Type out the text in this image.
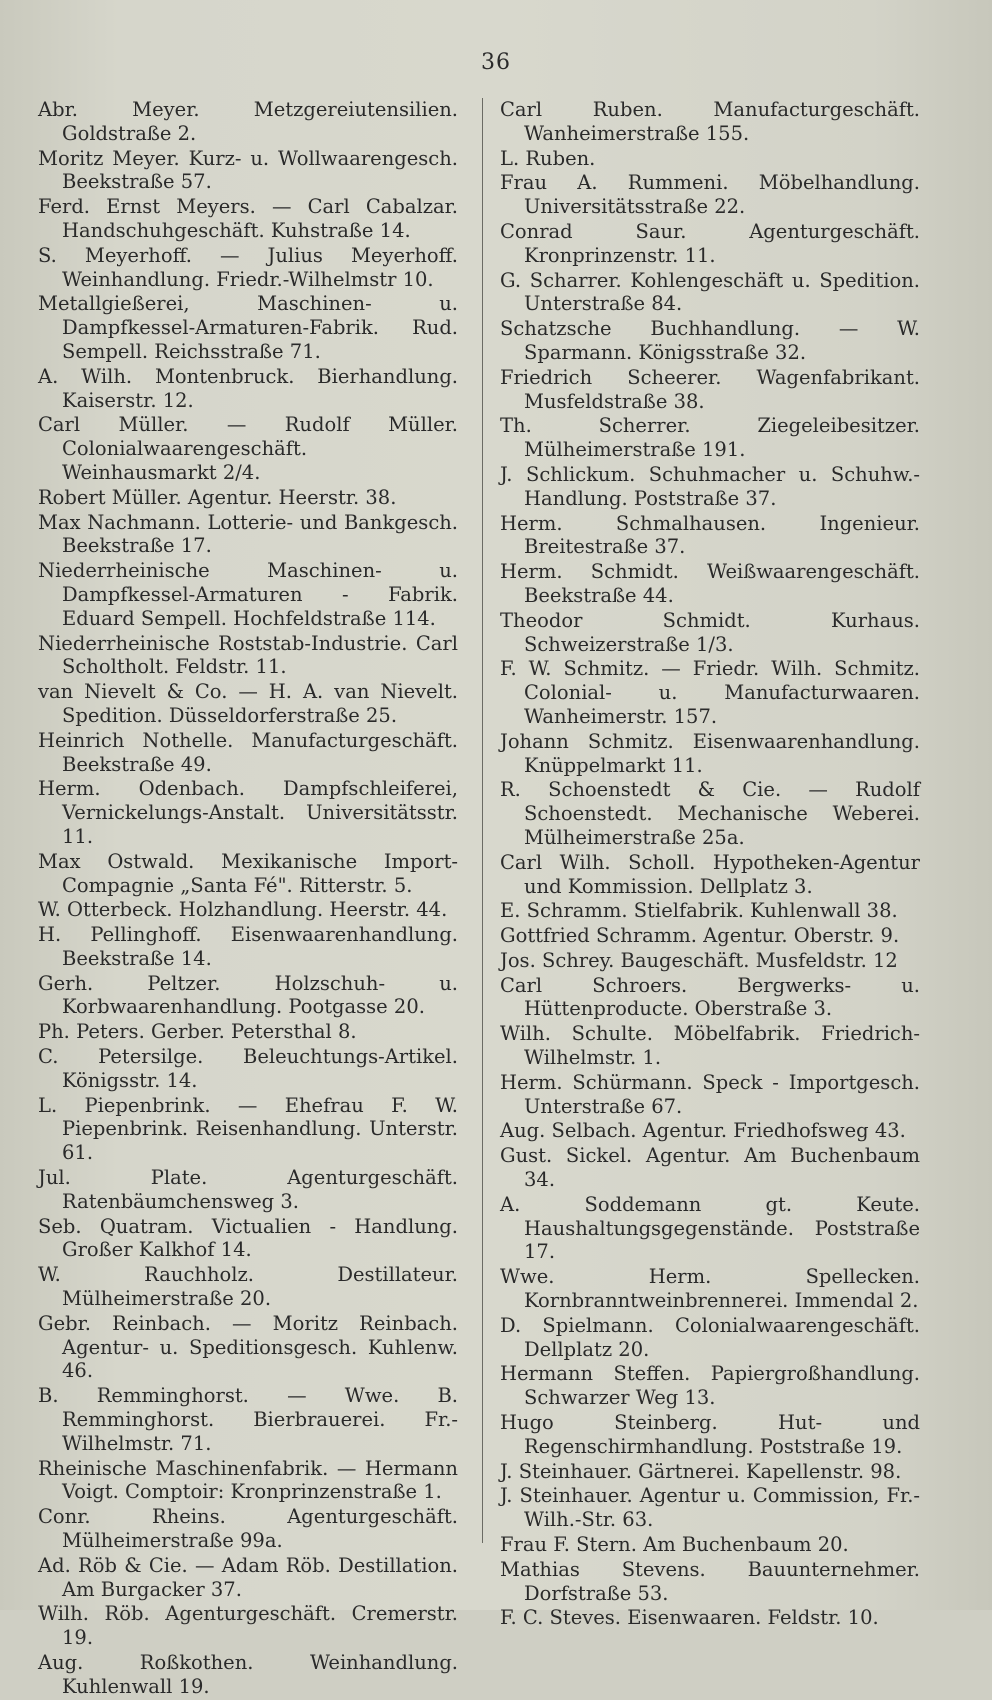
36

Abr. Meyer. Metzgereiutensilien. Goldstraße 2.

Moritz Meyer. Kurz- u. Wollwaarengesch. Beekstraße 57.

Ferd. Ernst Meyers. — Carl Cabalzar. Handschuhgeschäft. Kuhstraße 14.

S. Meyerhoff. — Julius Meyerhoff. Weinhandlung. Friedr.-Wilhelmstr 10.

Metallgießerei, Maschinen- u. Dampfkessel-Armaturen-Fabrik. Rud. Sempell. Reichsstraße 71.

A. Wilh. Montenbruck. Bierhandlung. Kaiserstr. 12.

Carl Müller. — Rudolf Müller. Colonialwaarengeschäft. Weinhausmarkt 2/4.

Robert Müller. Agentur. Heerstr. 38.

Max Nachmann. Lotterie- und Bankgesch. Beekstraße 17.

Niederrheinische Maschinen- u. Dampfkessel-Armaturen - Fabrik. Eduard Sempell. Hochfeldstraße 114.

Niederrheinische Roststab-Industrie. Carl Scholtholt. Feldstr. 11.

van Nievelt & Co. — H. A. van Nievelt. Spedition. Düsseldorferstraße 25.

Heinrich Nothelle. Manufacturgeschäft. Beekstraße 49.

Herm. Odenbach. Dampfschleiferei, Vernickelungs-Anstalt. Universitätsstr. 11.

Max Ostwald. Mexikanische Import-Compagnie „Santa Fé". Ritterstr. 5.

W. Otterbeck. Holzhandlung. Heerstr. 44.

H. Pellinghoff. Eisenwaarenhandlung. Beekstraße 14.

Gerh. Peltzer. Holzschuh- u. Korbwaarenhandlung. Pootgasse 20.

Ph. Peters. Gerber. Petersthal 8.

C. Petersilge. Beleuchtungs-Artikel. Königsstr. 14.

L. Piepenbrink. — Ehefrau F. W. Piepenbrink. Reisenhandlung. Unterstr. 61.

Jul. Plate. Agenturgeschäft. Ratenbäumchensweg 3.

Seb. Quatram. Victualien - Handlung. Großer Kalkhof 14.

W. Rauchholz. Destillateur. Mülheimerstraße 20.

Gebr. Reinbach. — Moritz Reinbach. Agentur- u. Speditionsgesch. Kuhlenw. 46.

B. Remminghorst. — Wwe. B. Remminghorst. Bierbrauerei. Fr.-Wilhelmstr. 71.

Rheinische Maschinenfabrik. — Hermann Voigt. Comptoir: Kronprinzenstraße 1.

Conr. Rheins. Agenturgeschäft. Mülheimerstraße 99a.

Ad. Röb & Cie. — Adam Röb. Destillation. Am Burgacker 37.

Wilh. Röb. Agenturgeschäft. Cremerstr. 19.

Aug. Roßkothen. Weinhandlung. Kuhlenwall 19.

Carl Ruben. Manufacturgeschäft. Wanheimerstraße 155.

L. Ruben.

Frau A. Rummeni. Möbelhandlung. Universitätsstraße 22.

Conrad Saur. Agenturgeschäft. Kronprinzenstr. 11.

G. Scharrer. Kohlengeschäft u. Spedition. Unterstraße 84.

Schatzsche Buchhandlung. — W. Sparmann. Königsstraße 32.

Friedrich Scheerer. Wagenfabrikant. Musfeldstraße 38.

Th. Scherrer. Ziegeleibesitzer. Mülheimerstraße 191.

J. Schlickum. Schuhmacher u. Schuhw.-Handlung. Poststraße 37.

Herm. Schmalhausen. Ingenieur. Breitestraße 37.

Herm. Schmidt. Weißwaarengeschäft. Beekstraße 44.

Theodor Schmidt. Kurhaus. Schweizerstraße 1/3.

F. W. Schmitz. — Friedr. Wilh. Schmitz. Colonial- u. Manufacturwaaren. Wanheimerstr. 157.

Johann Schmitz. Eisenwaarenhandlung. Knüppelmarkt 11.

R. Schoenstedt & Cie. — Rudolf Schoenstedt. Mechanische Weberei. Mülheimerstraße 25a.

Carl Wilh. Scholl. Hypotheken-Agentur und Kommission. Dellplatz 3.

E. Schramm. Stielfabrik. Kuhlenwall 38.

Gottfried Schramm. Agentur. Oberstr. 9.

Jos. Schrey. Baugeschäft. Musfeldstr. 12

Carl Schroers. Bergwerks- u. Hüttenproducte. Oberstraße 3.

Wilh. Schulte. Möbelfabrik. Friedrich-Wilhelmstr. 1.

Herm. Schürmann. Speck - Importgesch. Unterstraße 67.

Aug. Selbach. Agentur. Friedhofsweg 43.

Gust. Sickel. Agentur. Am Buchenbaum 34.

A. Soddemann gt. Keute. Haushaltungsgegenstände. Poststraße 17.

Wwe. Herm. Spellecken. Kornbranntweinbrennerei. Immendal 2.

D. Spielmann. Colonialwaarengeschäft. Dellplatz 20.

Hermann Steffen. Papiergroßhandlung. Schwarzer Weg 13.

Hugo Steinberg. Hut- und Regenschirmhandlung. Poststraße 19.

J. Steinhauer. Gärtnerei. Kapellenstr. 98.

J. Steinhauer. Agentur u. Commission, Fr.-Wilh.-Str. 63.

Frau F. Stern. Am Buchenbaum 20.

Mathias Stevens. Bauunternehmer. Dorfstraße 53.

F. C. Steves. Eisenwaaren. Feldstr. 10.
